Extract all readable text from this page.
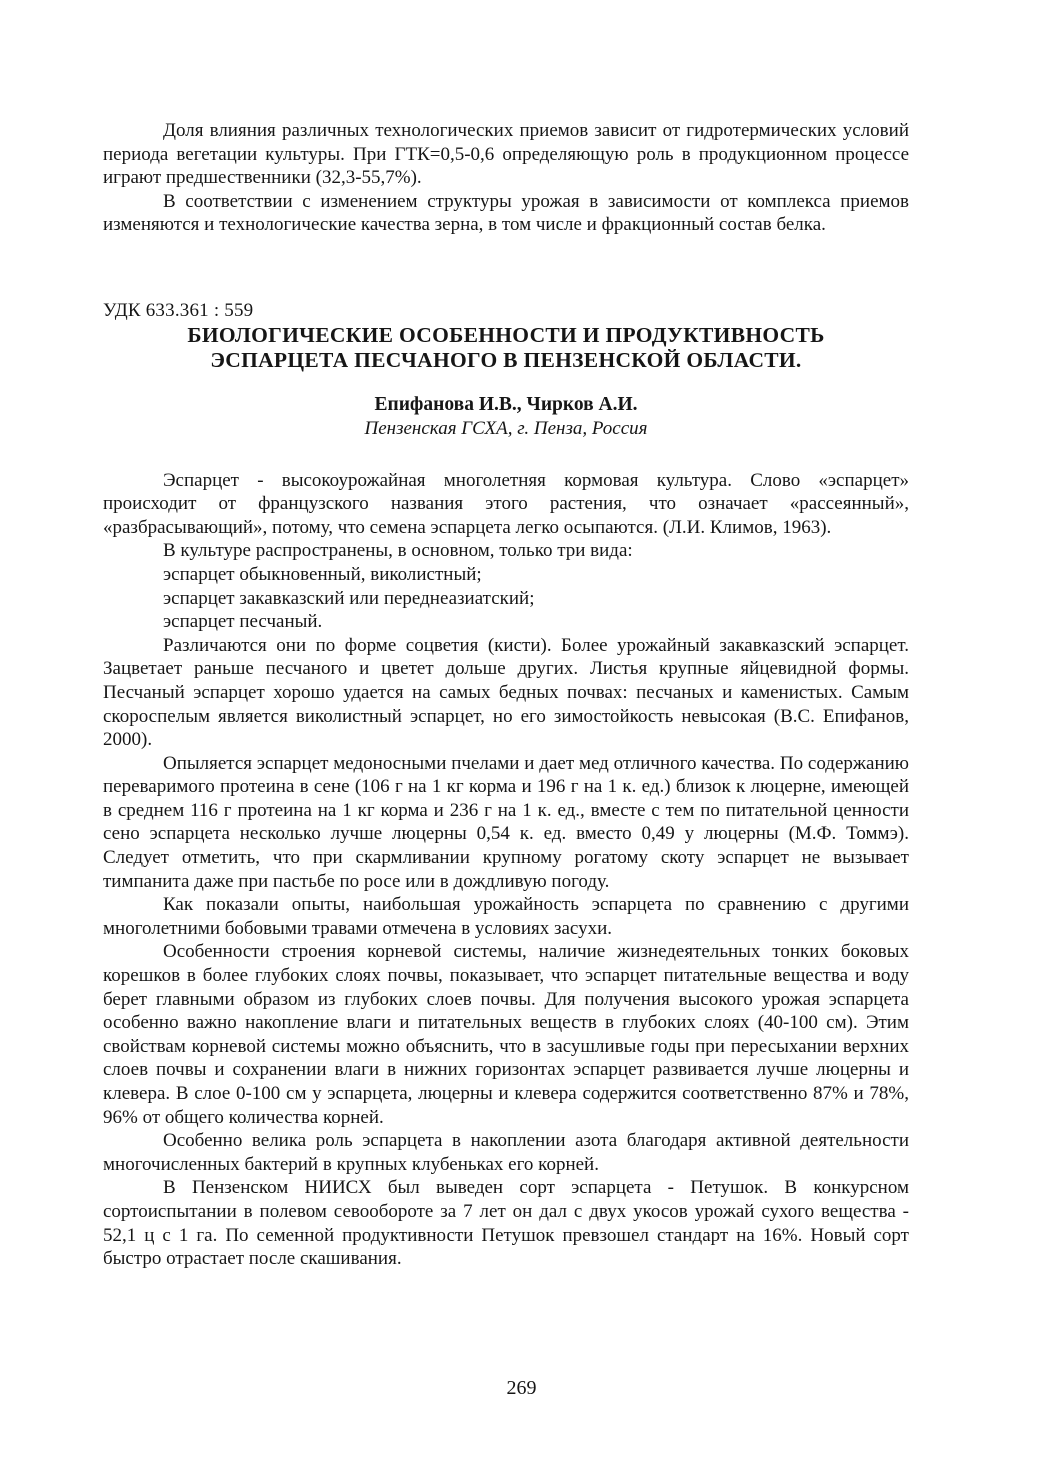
Доля влияния различных технологических приемов зависит от гидротермических условий периода вегетации культуры. При ГТК=0,5-0,6 определяющую роль в продукционном процессе играют предшественники (32,3-55,7%).

В соответствии с изменением структуры урожая в зависимости от комплекса приемов изменяются и технологические качества зерна, в том числе и фракционный состав белка.

УДК 633.361 : 559
БИОЛОГИЧЕСКИЕ ОСОБЕННОСТИ И ПРОДУКТИВНОСТЬ
ЭСПАРЦЕТА ПЕСЧАНОГО В ПЕНЗЕНСКОЙ ОБЛАСТИ.
Епифанова И.В., Чирков А.И.
Пензенская ГСХА, г. Пенза, Россия

Эспарцет - высокоурожайная многолетняя кормовая культура. Слово «эспарцет» происходит от французского названия этого растения, что означает «рассеянный», «разбрасывающий», потому, что семена эспарцета легко осыпаются. (Л.И. Климов, 1963).

В культуре распространены, в основном, только три вида:

эспарцет обыкновенный, виколистный;

эспарцет закавказский или переднеазиатский;

эспарцет песчаный.

Различаются они по форме соцветия (кисти). Более урожайный закавказский эспарцет. Зацветает раньше песчаного и цветет дольше других. Листья крупные яйцевидной формы. Песчаный эспарцет хорошо удается на самых бедных почвах: песчаных и каменистых. Самым скороспелым является виколистный эспарцет, но его зимостойкость невысокая (В.С. Епифанов, 2000).

Опыляется эспарцет медоносными пчелами и дает мед отличного качества. По содержанию переваримого протеина в сене (106 г на 1 кг корма и 196 г на 1 к. ед.) близок к люцерне, имеющей в среднем 116 г протеина на 1 кг корма и 236 г на 1 к. ед., вместе с тем по питательной ценности сено эспарцета несколько лучше люцерны 0,54 к. ед. вместо 0,49 у люцерны (М.Ф. Томмэ). Следует отметить, что при скармливании крупному рогатому скоту эспарцет не вызывает тимпанита даже при пастьбе по росе или в дождливую погоду.

Как показали опыты, наибольшая урожайность эспарцета по сравнению с другими многолетними бобовыми травами отмечена в условиях засухи.

Особенности строения корневой системы, наличие жизнедеятельных тонких боковых корешков в более глубоких слоях почвы, показывает, что эспарцет питательные вещества и воду берет главными образом из глубоких слоев почвы. Для получения высокого урожая эспарцета особенно важно накопление влаги и питательных веществ в глубоких слоях (40-100 см). Этим свойствам корневой системы можно объяснить, что в засушливые годы при пересыхании верхних слоев почвы и сохранении влаги в нижних горизонтах эспарцет развивается лучше люцерны и клевера. В слое 0-100 см у эспарцета, люцерны и клевера содержится соответственно 87% и 78%, 96% от общего количества корней.

Особенно велика роль эспарцета в накоплении азота благодаря активной деятельности многочисленных бактерий в крупных клубеньках его корней.

В Пензенском НИИСХ был выведен сорт эспарцета - Петушок. В конкурсном сортоиспытании в полевом севообороте за 7 лет он дал с двух укосов урожай сухого вещества - 52,1 ц с 1 га. По семенной продуктивности Петушок превзошел стандарт на 16%. Новый сорт быстро отрастает после скашивания.

269
